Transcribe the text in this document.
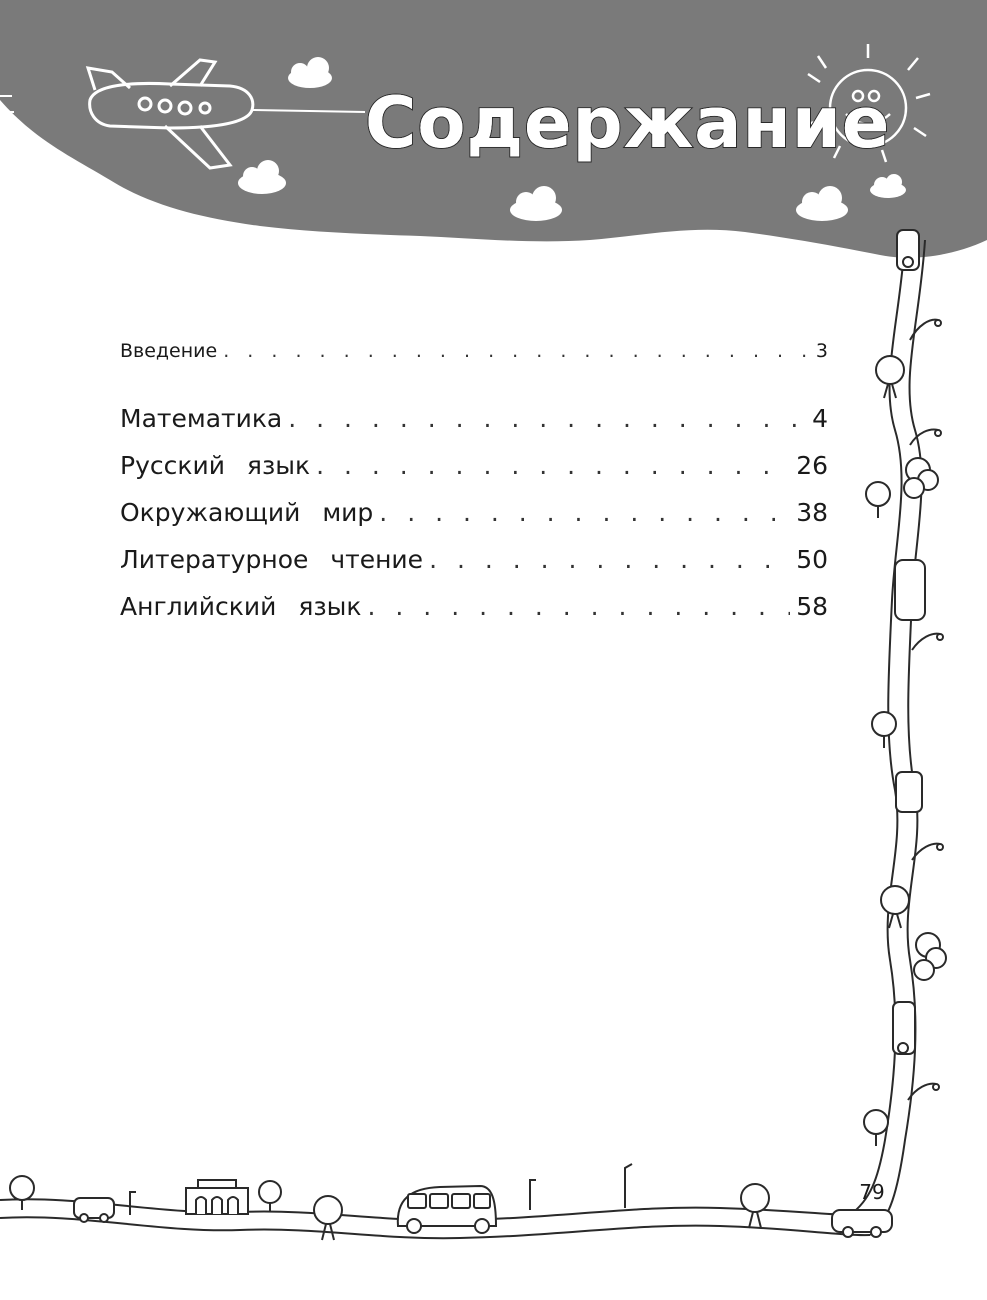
Содержание
Введение . . .	3
Математика . . .	4
Русский язык . . .	26
Окружающий мир . . .	38
Литературное чтение . . .	50
Английский язык . . .	58
79
